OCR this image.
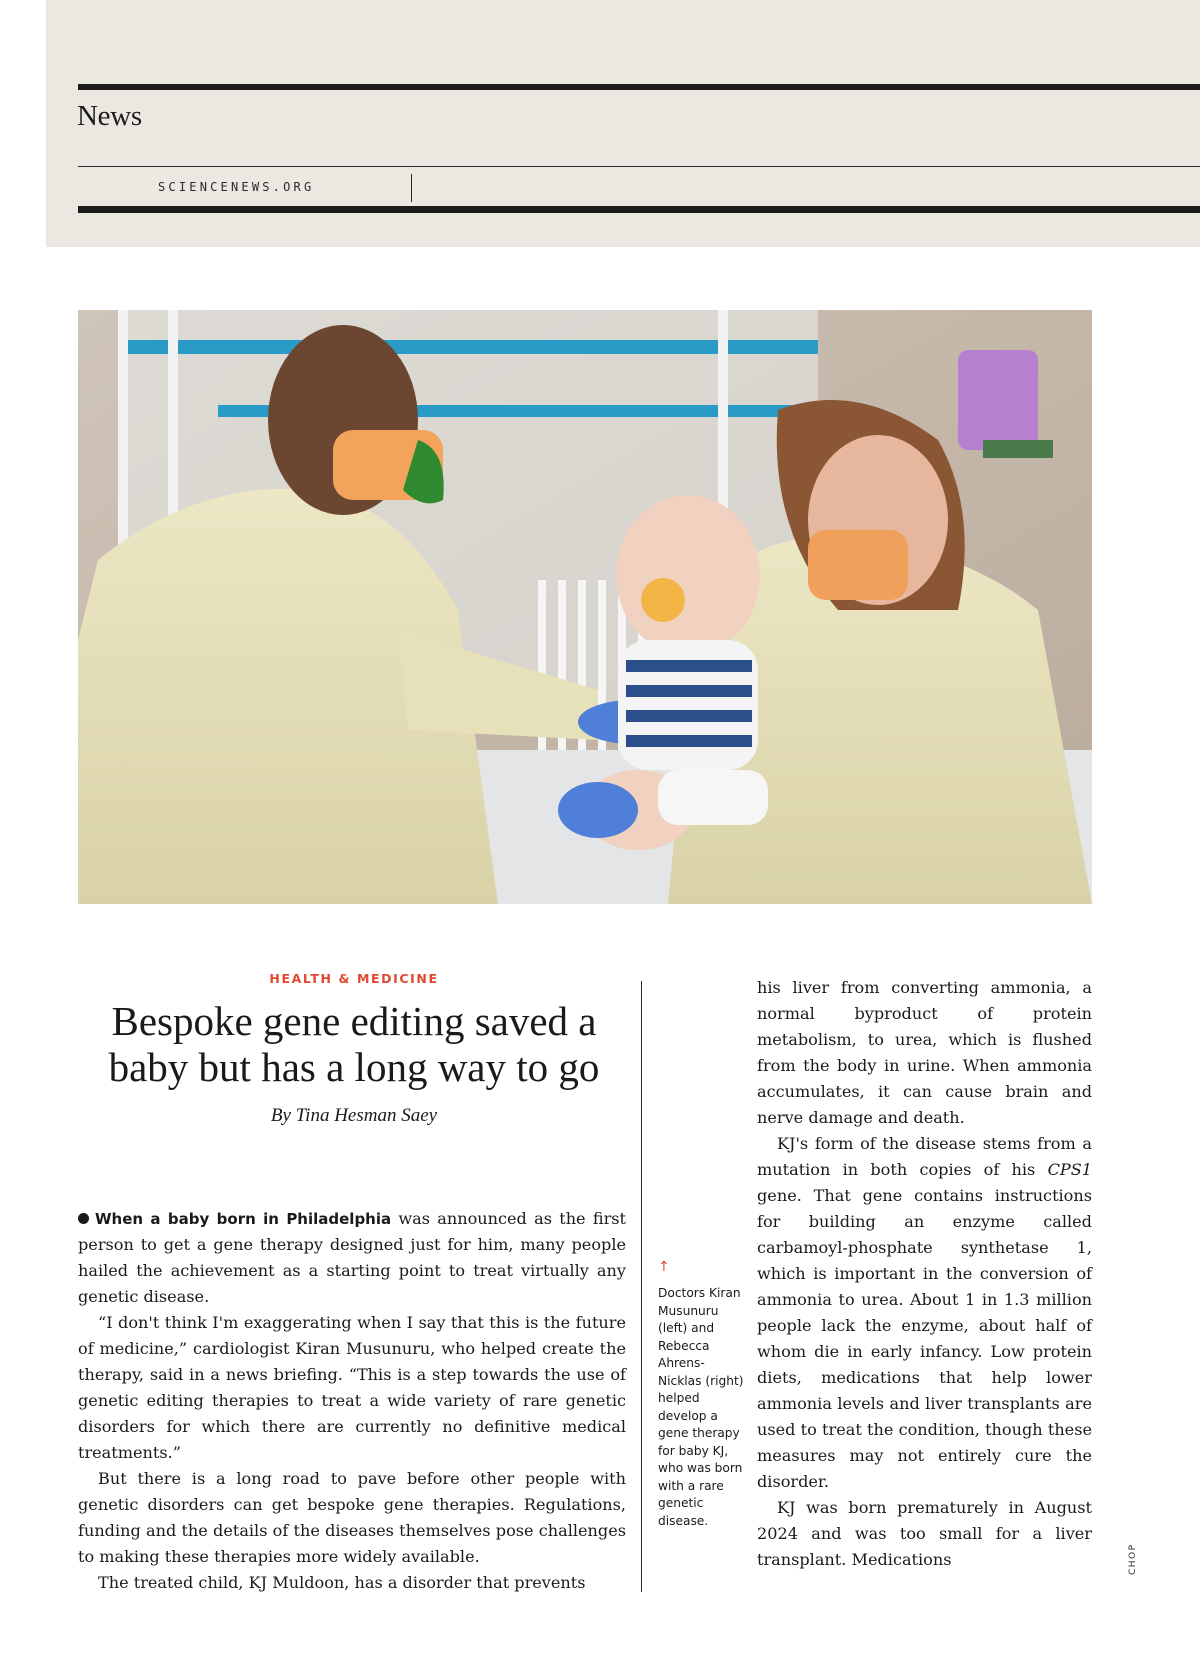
News
SCIENCENEWS.ORG
HEALTH & MEDICINE
Bespoke gene editing saved a
baby but has a long way to go
By Tina Hesman Saey

When a baby born in Philadelphia was announced as the first person to get a gene therapy designed just for him, many people hailed the achievement as a starting point to treat virtually any genetic disease.

“I don't think I'm exaggerating when I say that this is the future of medicine,” cardiologist Kiran Musunuru, who helped create the therapy, said in a news briefing. “This is a step towards the use of genetic editing therapies to treat a wide variety of rare genetic disorders for which there are currently no definitive medical treatments.”

But there is a long road to pave before other people with genetic disorders can get bespoke gene therapies. Regulations, funding and the details of the diseases themselves pose challenges to making these therapies more widely available.

The treated child, KJ Muldoon, has a disorder that prevents

↑
Doctors Kiran Musunuru (left) and Rebecca Ahrens-Nicklas (right) helped develop a gene therapy for baby KJ, who was born with a rare genetic disease.

his liver from converting ammonia, a normal byproduct of protein metabolism, to urea, which is flushed from the body in urine. When ammonia accumulates, it can cause brain and nerve damage and death.

KJ's form of the disease stems from a mutation in both copies of his CPS1 gene. That gene contains instructions for building an enzyme called carbamoyl-phosphate synthetase 1, which is important in the conversion of ammonia to urea. About 1 in 1.3 million people lack the enzyme, about half of whom die in early infancy. Low protein diets, medications that help lower ammonia levels and liver transplants are used to treat the condition, though these measures may not entirely cure the disorder.

KJ was born prematurely in August 2024 and was too small for a liver transplant. Medications	CHOP
